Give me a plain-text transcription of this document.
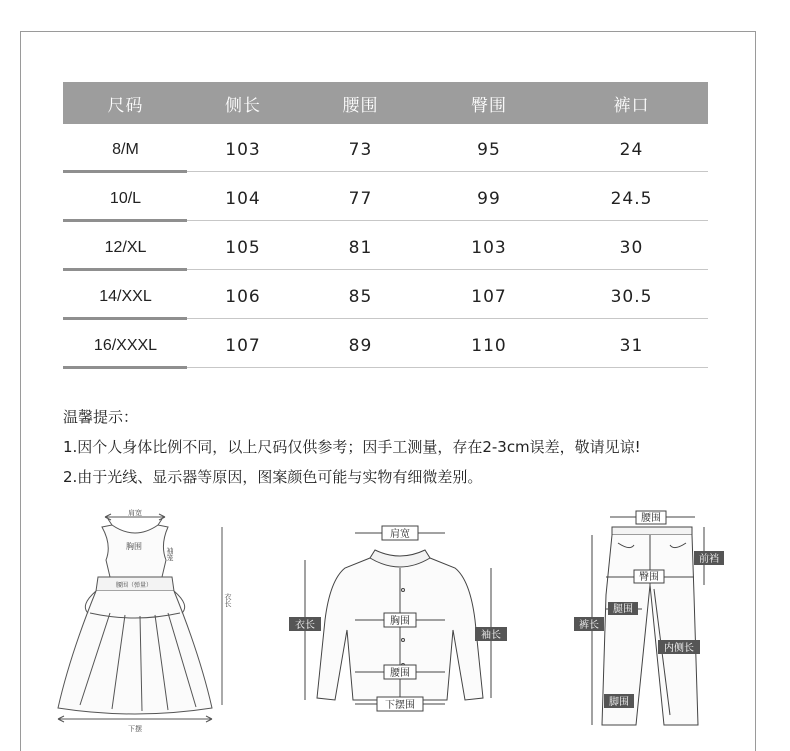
尺码	侧长	腰围	臀围	裤口
8/M	103	73	95	24
10/L	104	77	99	24.5
12/XL	105	81	103	30
14/XXL	106	85	107	30.5
16/XXXL	107	89	110	31
温馨提示：
1.因个人身体比例不同，以上尺码仅供参考；因手工测量，存在2-3cm误差，敬请见谅!
2.由于光线、显示器等原因，图案颜色可能与实物有细微差别。
肩宽
胸围
袖笼
腰围（弹量）
衣长
下摆
肩宽
衣长	胸围
袖长
腰围
下摆围
腰围
前裆
臀围
腿围
裤长
内侧长
脚围
